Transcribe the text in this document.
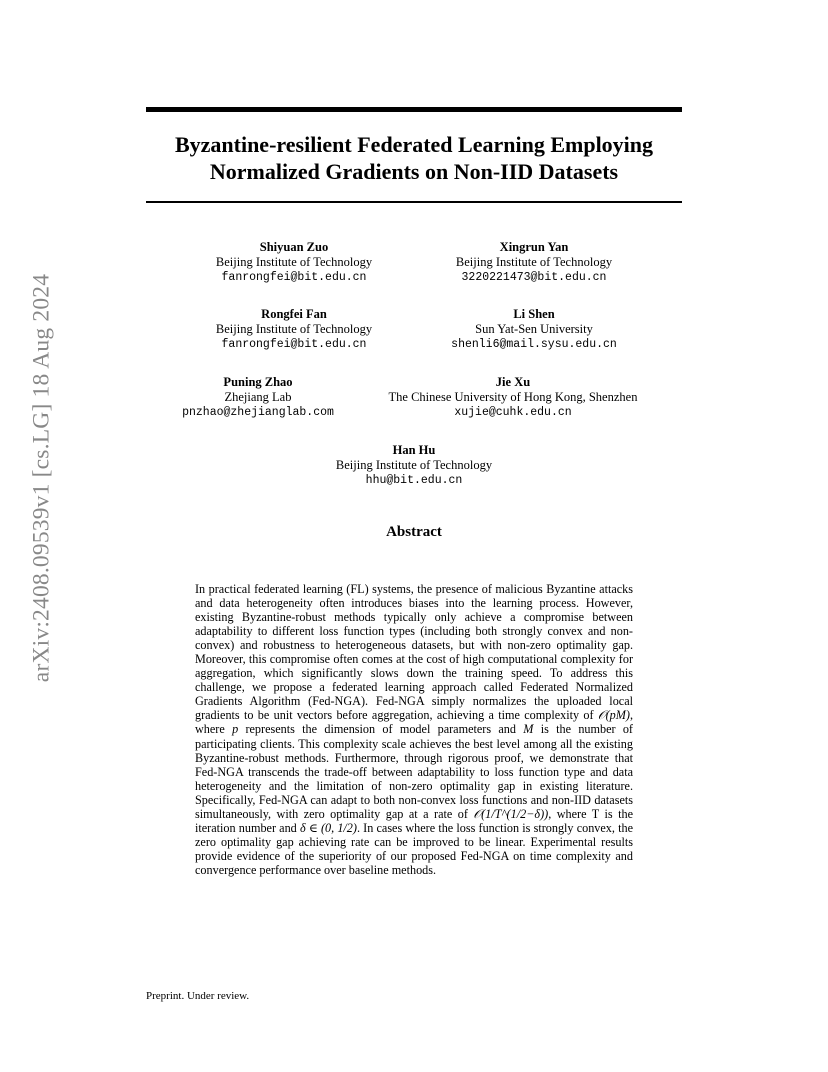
Byzantine-resilient Federated Learning Employing Normalized Gradients on Non-IID Datasets
arXiv:2408.09539v1 [cs.LG] 18 Aug 2024
Shiyuan Zuo
Beijing Institute of Technology
fanrongfei@bit.edu.cn
Xingrun Yan
Beijing Institute of Technology
3220221473@bit.edu.cn
Rongfei Fan
Beijing Institute of Technology
fanrongfei@bit.edu.cn
Li Shen
Sun Yat-Sen University
shenli6@mail.sysu.edu.cn
Puning Zhao
Zhejiang Lab
pnzhao@zhejianglab.com
Jie Xu
The Chinese University of Hong Kong, Shenzhen
xujie@cuhk.edu.cn
Han Hu
Beijing Institute of Technology
hhu@bit.edu.cn
Abstract

In practical federated learning (FL) systems, the presence of malicious Byzantine attacks and data heterogeneity often introduces biases into the learning process. However, existing Byzantine-robust methods typically only achieve a compromise between adaptability to different loss function types (including both strongly convex and non-convex) and robustness to heterogeneous datasets, but with non-zero optimality gap. Moreover, this compromise often comes at the cost of high computational complexity for aggregation, which significantly slows down the training speed. To address this challenge, we propose a federated learning approach called Federated Normalized Gradients Algorithm (Fed-NGA). Fed-NGA simply normalizes the uploaded local gradients to be unit vectors before aggregation, achieving a time complexity of 𝒪(pM), where p represents the dimension of model parameters and M is the number of participating clients. This complexity scale achieves the best level among all the existing Byzantine-robust methods. Furthermore, through rigorous proof, we demonstrate that Fed-NGA transcends the trade-off between adaptability to loss function type and data heterogeneity and the limitation of non-zero optimality gap in existing literature. Specifically, Fed-NGA can adapt to both non-convex loss functions and non-IID datasets simultaneously, with zero optimality gap at a rate of 𝒪(1/T^(1/2−δ)), where T is the iteration number and δ ∈ (0, 1/2). In cases where the loss function is strongly convex, the zero optimality gap achieving rate can be improved to be linear. Experimental results provide evidence of the superiority of our proposed Fed-NGA on time complexity and convergence performance over baseline methods.

Preprint. Under review.
